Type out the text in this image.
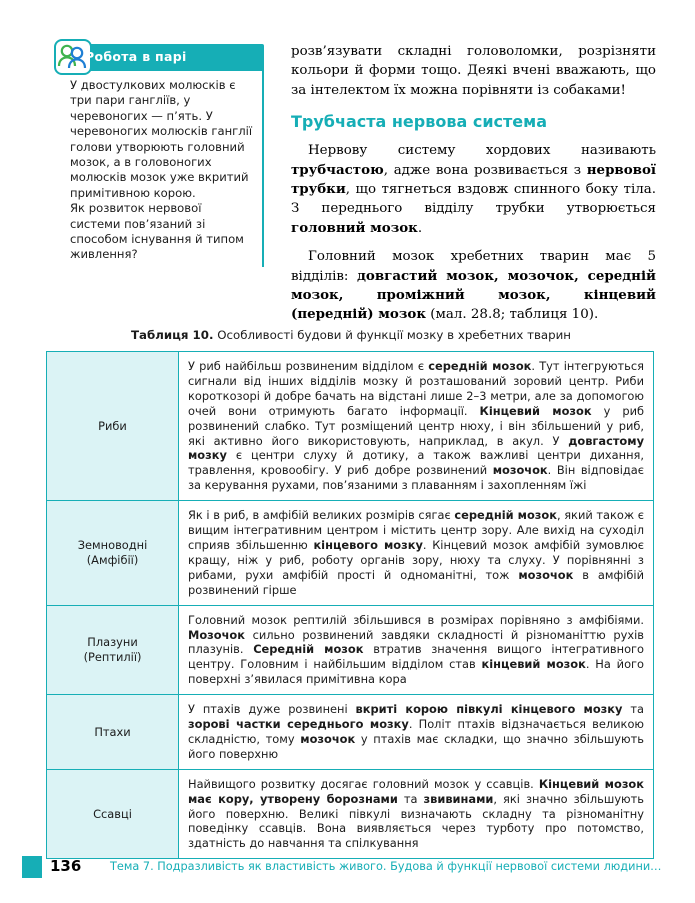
Робота в парі

У двостулкових молюсків є три пари гангліїв, у черевоногих — п’ять. У черевоногих молюсків ганглії голови утворюють головний мозок, а в головоногих молюсків мозок уже вкритий примітивною корою.

Як розвиток нервової системи пов’язаний зі способом існування й типом живлення?

розв’язувати складні головоломки, розрізняти кольори й форми тощо. Деякі вчені вважають, що за інтелектом їх можна порівняти із собаками!

Трубчаста нервова система

Нервову систему хордових називають трубчастою, адже вона розвивається з нервової трубки, що тягнеться вздовж спинного боку тіла. З переднього відділу трубки утворюється головний мозок.

Головний мозок хребетних тварин має 5 відділів: довгастий мозок, мозочок, середній мозок, проміжний мозок, кінцевий (передній) мозок (мал. 28.8; таблиця 10).

Таблиця 10. Особливості будови й функції мозку в хребетних тварин
Риби	У риб найбільш розвиненим відділом є середній мозок. Тут інтегруються сигнали від інших відділів мозку й розташований зоровий центр. Риби короткозорі й добре бачать на відстані лише 2–3 метри, але за допомогою очей вони отримують багато інформації. Кінцевий мозок у риб розвинений слабко. Тут розміщений центр нюху, і він збільшений у риб, які активно його використовують, наприклад, в акул. У довгастому мозку є центри слуху й дотику, а також важливі центри дихання, травлення, кровообігу. У риб добре розвинений мозочок. Він відповідає за керування рухами, пов’язаними з плаванням і захопленням їжі

Земноводні
(Амфібії)	Як і в риб, в амфібій великих розмірів сягає середній мозок, який також є вищим інтегративним центром і містить центр зору. Але вихід на суходіл сприяв збільшенню кінцевого мозку. Кінцевий мозок амфібій зумовлює кращу, ніж у риб, роботу органів зору, нюху та слуху. У порівнянні з рибами, рухи амфібій прості й одноманітні, тож мозочок в амфібій розвинений гірше

Плазуни
(Рептилії)	Головний мозок рептилій збільшився в розмірах порівняно з амфібіями. Мозочок сильно розвинений завдяки складності й різноманіттю рухів плазунів. Середній мозок втратив значення вищого інтегративного центру. Головним і найбільшим відділом став кінцевий мозок. На його поверхні з’явилася примітивна кора

Птахи	У птахів дуже розвинені вкриті корою півкулі кінцевого мозку та зорові частки середнього мозку. Політ птахів відзначається великою складністю, тому мозочок у птахів має складки, що значно збільшують його поверхню

Ссавці	Найвищого розвитку досягає головний мозок у ссавців. Кінцевий мозок має кору, утворену борознами та звивинами, які значно збільшують його поверхню. Великі півкулі визначають складну та різноманітну поведінку ссавців. Вона виявляється через турботу про потомство, здатність до навчання та спілкування
136	Тема 7. Подразливість як властивість живого. Будова й функції нервової системи людини…
